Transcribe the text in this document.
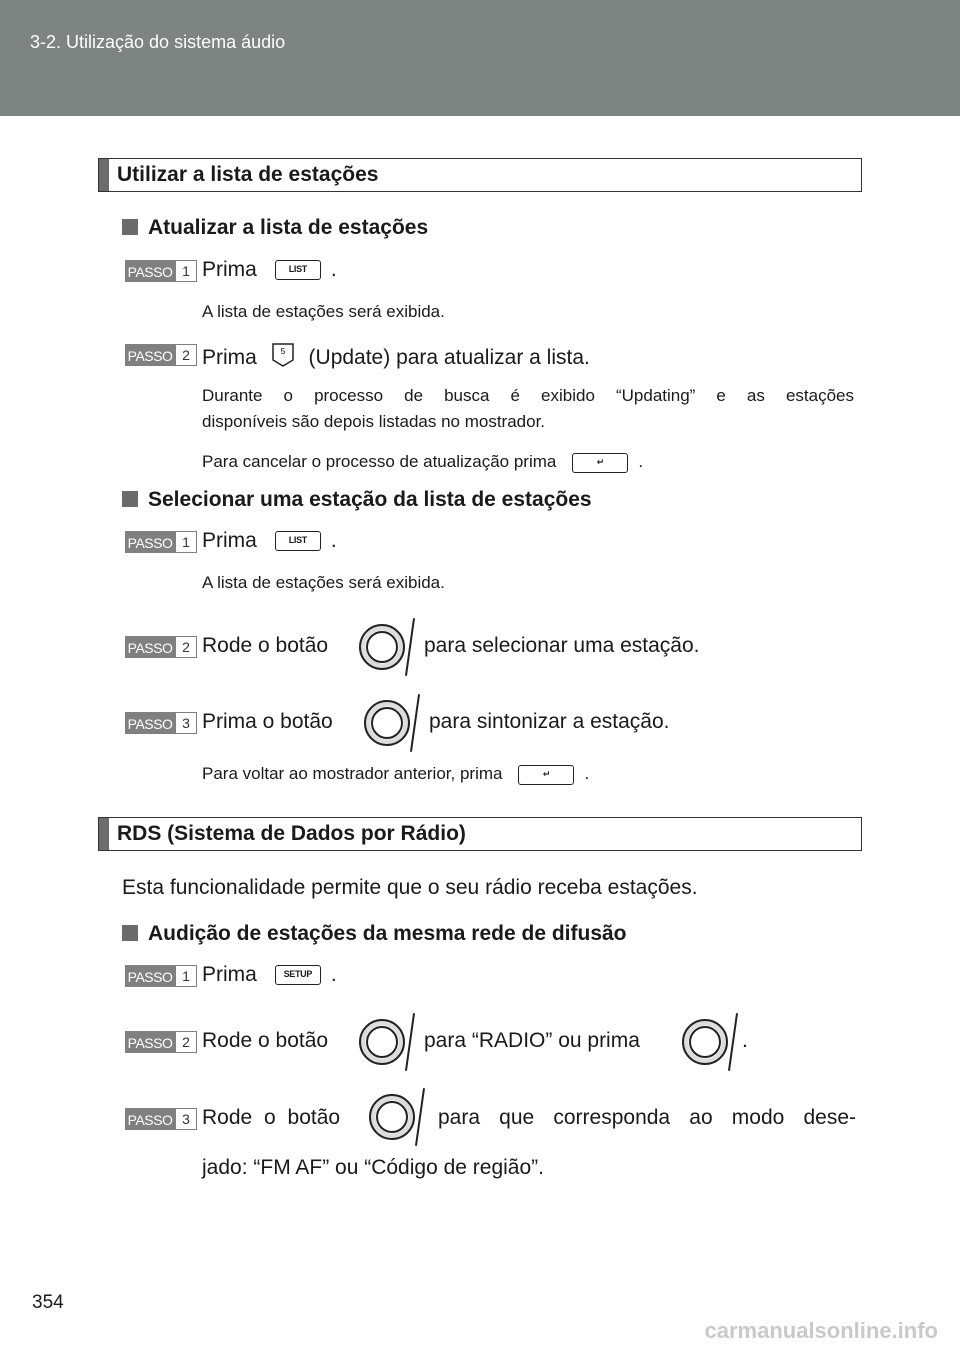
3-2. Utilização do sistema áudio
Utilizar a lista de estações
Atualizar a lista de estações
PASSO 1 Prima	LIST .
A lista de estações será exibida.
PASSO 2 Prima	5 (Update) para atualizar a lista.
Durante o processo de busca é exibido “Updating” e as estações
disponíveis são depois listadas no mostrador.
Para cancelar o processo de atualização prima	↵ .
Selecionar uma estação da lista de estações
PASSO 1 Prima	LIST .
A lista de estações será exibida.
PASSO 2 Rode o botão	para selecionar uma estação.
PASSO 3 Prima o botão	para sintonizar a estação.
Para voltar ao mostrador anterior, prima	↵ .
RDS (Sistema de Dados por Rádio)
Esta funcionalidade permite que o seu rádio receba estações.
Audição de estações da mesma rede de difusão
PASSO 1 Prima	SETUP .
PASSO 2 Rode o botão	para “RADIO” ou prima	.
PASSO 3 Rode o botão	para que corresponda ao modo dese-
jado: “FM AF” ou “Código de região”.
354
carmanualsonline.info
